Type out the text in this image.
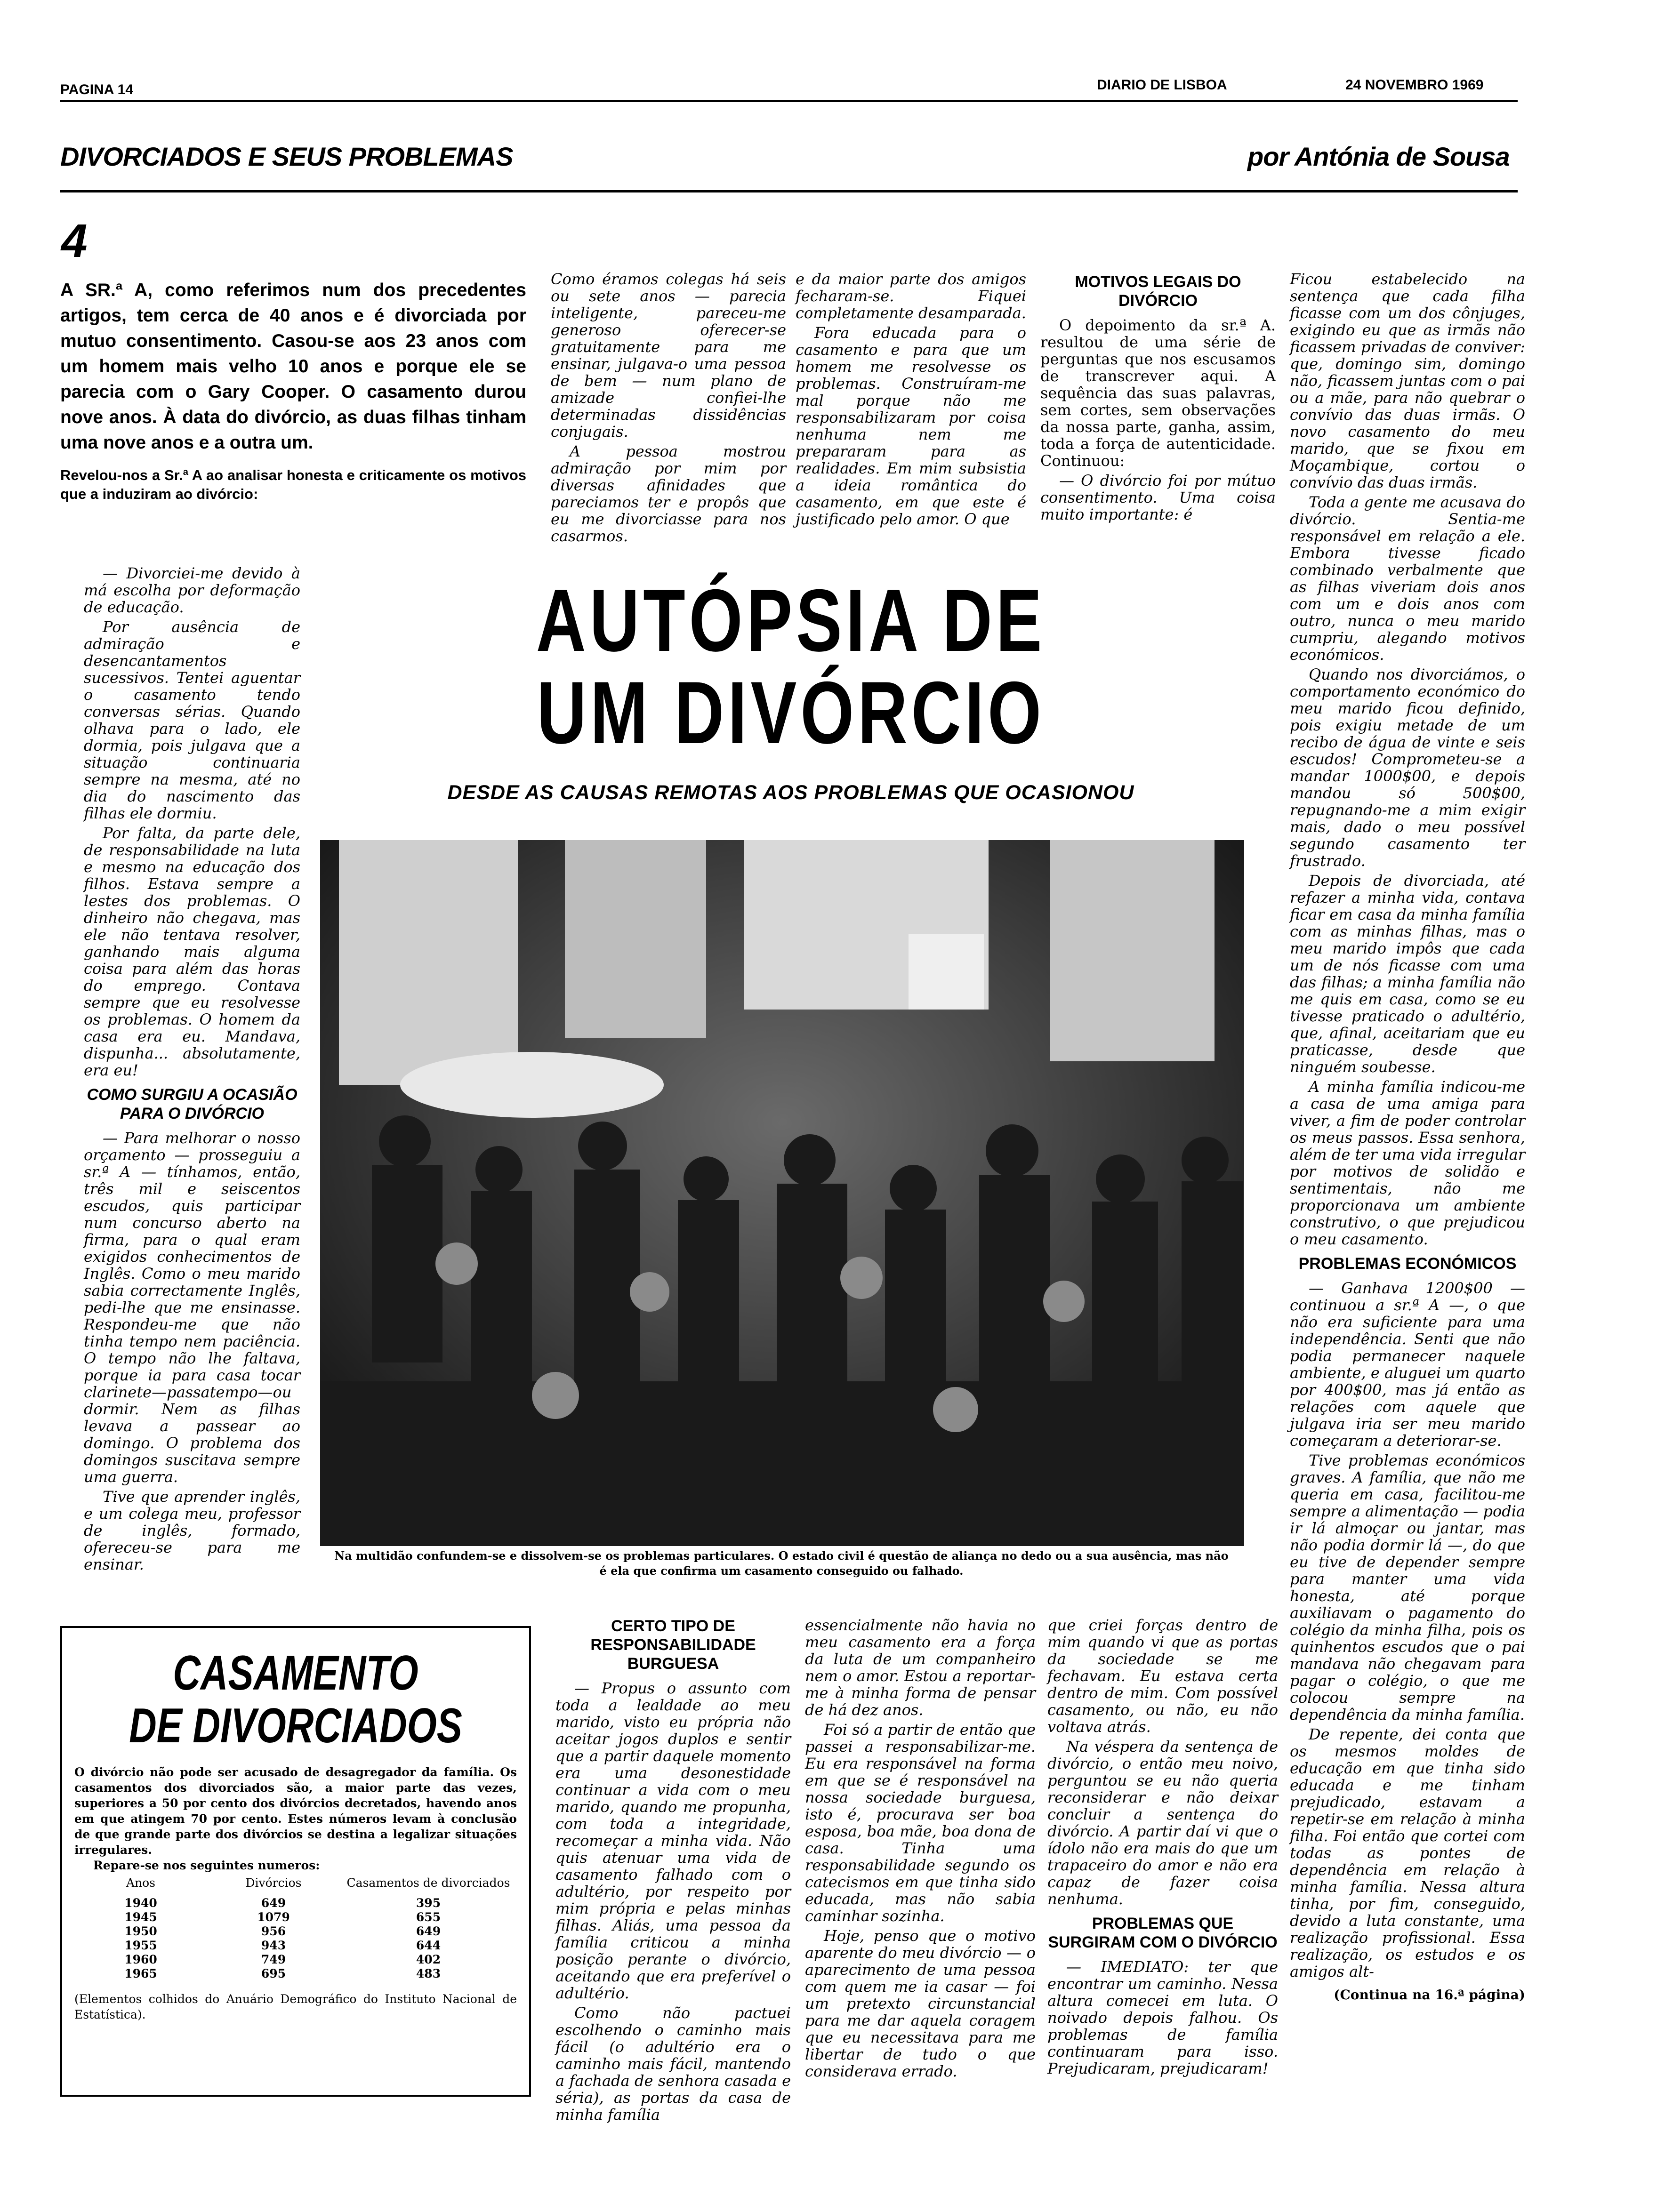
PAGINA 14	DIARIO DE LISBOA	24 NOVEMBRO 1969
DIVORCIADOS E SEUS PROBLEMAS	por Antónia de Sousa
4

A SR.ª A, como referimos num dos precedentes artigos, tem cerca de 40 anos e é divorciada por mutuo consentimento. Casou-se aos 23 anos com um homem mais velho 10 anos e porque ele se parecia com o Gary Cooper. O casamento durou nove anos. À data do divórcio, as duas filhas tinham uma nove anos e a outra um.

Revelou-nos a Sr.ª A ao analisar honesta e criticamente os motivos que a induziram ao divórcio:

— Divorciei-me devido à má escolha por deformação de educação.

Por ausência de admiração e desencantamentos sucessivos. Tentei aguentar o casamento tendo conversas sérias. Quando olhava para o lado, ele dormia, pois julgava que a situação continuaria sempre na mesma, até no dia do nascimento das filhas ele dormiu.

Por falta, da parte dele, de responsabilidade na luta e mesmo na educação dos filhos. Estava sempre a lestes dos problemas. O dinheiro não chegava, mas ele não tentava resolver, ganhando mais alguma coisa para além das horas do emprego. Contava sempre que eu resolvesse os problemas. O homem da casa era eu. Mandava, dispunha... absolutamente, era eu!

COMO SURGIU A OCASIÃO PARA O DIVÓRCIO

— Para melhorar o nosso orçamento — prosseguiu a sr.ª A — tínhamos, então, três mil e seiscentos escudos, quis participar num concurso aberto na firma, para o qual eram exigidos conhecimentos de Inglês. Como o meu marido sabia correctamente Inglês, pedi-lhe que me ensinasse. Respondeu-me que não tinha tempo nem paciência. O tempo não lhe faltava, porque ia para casa tocar clarinete—passatempo—ou dormir. Nem as filhas levava a passear ao domingo. O problema dos domingos suscitava sempre uma guerra.

Tive que aprender inglês, e um colega meu, professor de inglês, formado, ofereceu-se para me ensinar.

Como éramos colegas há seis ou sete anos — parecia inteligente, pareceu-me generoso oferecer-se gratuitamente para me ensinar, julgava-o uma pessoa de bem — num plano de amizade confiei-lhe determinadas dissidências conjugais.

A pessoa mostrou admiração por mim por diversas afinidades que pareciamos ter e propôs que eu me divorciasse para nos casarmos.

e da maior parte dos amigos fecharam-se. Fiquei completamente desamparada.

Fora educada para o casamento e para que um homem me resolvesse os problemas. Construíram-me mal porque não me responsabilizaram por coisa nenhuma nem me prepararam para as realidades. Em mim subsistia a ideia romântica do casamento, em que este é justificado pelo amor. O que

MOTIVOS LEGAIS DO DIVÓRCIO

O depoimento da sr.ª A. resultou de uma série de perguntas que nos escusamos de transcrever aqui. A sequência das suas palavras, sem cortes, sem observações da nossa parte, ganha, assim, toda a força de autenticidade. Continuou:

— O divórcio foi por mútuo consentimento. Uma coisa muito importante: é

AUTÓPSIA DE
UM DIVÓRCIO
DESDE AS CAUSAS REMOTAS AOS PROBLEMAS QUE OCASIONOU
Na multidão confundem-se e dissolvem-se os problemas particulares. O estado civil é questão de aliança no dedo ou a sua ausência, mas não é ela que confirma um casamento conseguido ou falhado.

Ficou estabelecido na sentença que cada filha ficasse com um dos cônjuges, exigindo eu que as irmãs não ficassem privadas de conviver: que, domingo sim, domingo não, ficassem juntas com o pai ou a mãe, para não quebrar o convívio das duas irmãs. O novo casamento do meu marido, que se fixou em Moçambique, cortou o convívio das duas irmãs.

Toda a gente me acusava do divórcio. Sentia-me responsável em relação a ele. Embora tivesse ficado combinado verbalmente que as filhas viveriam dois anos com um e dois anos com outro, nunca o meu marido cumpriu, alegando motivos económicos.

Quando nos divorciámos, o comportamento económico do meu marido ficou definido, pois exigiu metade de um recibo de água de vinte e seis escudos! Comprometeu-se a mandar 1000$00, e depois mandou só 500$00, repugnando-me a mim exigir mais, dado o meu possível segundo casamento ter frustrado.

Depois de divorciada, até refazer a minha vida, contava ficar em casa da minha família com as minhas filhas, mas o meu marido impôs que cada um de nós ficasse com uma das filhas; a minha família não me quis em casa, como se eu tivesse praticado o adultério, que, afinal, aceitariam que eu praticasse, desde que ninguém soubesse.

A minha família indicou-me a casa de uma amiga para viver, a fim de poder controlar os meus passos. Essa senhora, além de ter uma vida irregular por motivos de solidão e sentimentais, não me proporcionava um ambiente construtivo, o que prejudicou o meu casamento.

PROBLEMAS ECONÓMICOS

— Ganhava 1200$00 — continuou a sr.ª A —, o que não era suficiente para uma independência. Senti que não podia permanecer naquele ambiente, e aluguei um quarto por 400$00, mas já então as relações com aquele que julgava iria ser meu marido começaram a deteriorar-se.

Tive problemas económicos graves. A família, que não me queria em casa, facilitou-me sempre a alimentação — podia ir lá almoçar ou jantar, mas não podia dormir lá —, do que eu tive de depender sempre para manter uma vida honesta, até porque auxiliavam o pagamento do colégio da minha filha, pois os quinhentos escudos que o pai mandava não chegavam para pagar o colégio, o que me colocou sempre na dependência da minha família.

De repente, dei conta que os mesmos moldes de educação em que tinha sido educada e me tinham prejudicado, estavam a repetir-se em relação à minha filha. Foi então que cortei com todas as pontes de dependência em relação à minha família. Nessa altura tinha, por fim, conseguido, devido a luta constante, uma realização profissional. Essa realização, os estudos e os amigos alt-

(Continua na 16.ª página)
CASAMENTO
DE DIVORCIADOS

O divórcio não pode ser acusado de desagregador da família. Os casamentos dos divorciados são, a maior parte das vezes, superiores a 50 por cento dos divórcios decretados, havendo anos em que atingem 70 por cento. Estes números levam à conclusão de que grande parte dos divórcios se destina a legalizar situações irregulares.

Repare-se nos seguintes numeros:

Anos	Divórcios	Casamentos de divorciados

1940	649	395
1945	1079	655
1950	956	649
1955	943	644
1960	749	402
1965	695	483

(Elementos colhidos do Anuário Demográfico do Instituto Nacional de Estatística).

CERTO TIPO DE RESPONSABILIDADE BURGUESA

— Propus o assunto com toda a lealdade ao meu marido, visto eu própria não aceitar jogos duplos e sentir que a partir daquele momento era uma desonestidade continuar a vida com o meu marido, quando me propunha, com toda a integridade, recomeçar a minha vida. Não quis atenuar uma vida de casamento falhado com o adultério, por respeito por mim própria e pelas minhas filhas. Aliás, uma pessoa da família criticou a minha posição perante o divórcio, aceitando que era preferível o adultério.

Como não pactuei escolhendo o caminho mais fácil (o adultério era o caminho mais fácil, mantendo a fachada de senhora casada e séria), as portas da casa de minha família

essencialmente não havia no meu casamento era a força da luta de um companheiro nem o amor. Estou a reportar-me à minha forma de pensar de há dez anos.

Foi só a partir de então que passei a responsabilizar-me. Eu era responsável na forma em que se é responsável na nossa sociedade burguesa, isto é, procurava ser boa esposa, boa mãe, boa dona de casa. Tinha uma responsabilidade segundo os catecismos em que tinha sido educada, mas não sabia caminhar sozinha.

Hoje, penso que o motivo aparente do meu divórcio — o aparecimento de uma pessoa com quem me ia casar — foi um pretexto circunstancial para me dar aquela coragem que eu necessitava para me libertar de tudo o que considerava errado.

que criei forças dentro de mim quando vi que as portas da sociedade se me fechavam. Eu estava certa dentro de mim. Com possível casamento, ou não, eu não voltava atrás.

Na véspera da sentença de divórcio, o então meu noivo, perguntou se eu não queria reconsiderar e não deixar concluir a sentença do divórcio. A partir daí vi que o ídolo não era mais do que um trapaceiro do amor e não era capaz de fazer coisa nenhuma.

PROBLEMAS QUE SURGIRAM COM O DIVÓRCIO

— IMEDIATO: ter que encontrar um caminho. Nessa altura comecei em luta. O noivado depois falhou. Os problemas de família continuaram para isso. Prejudicaram, prejudicaram!
